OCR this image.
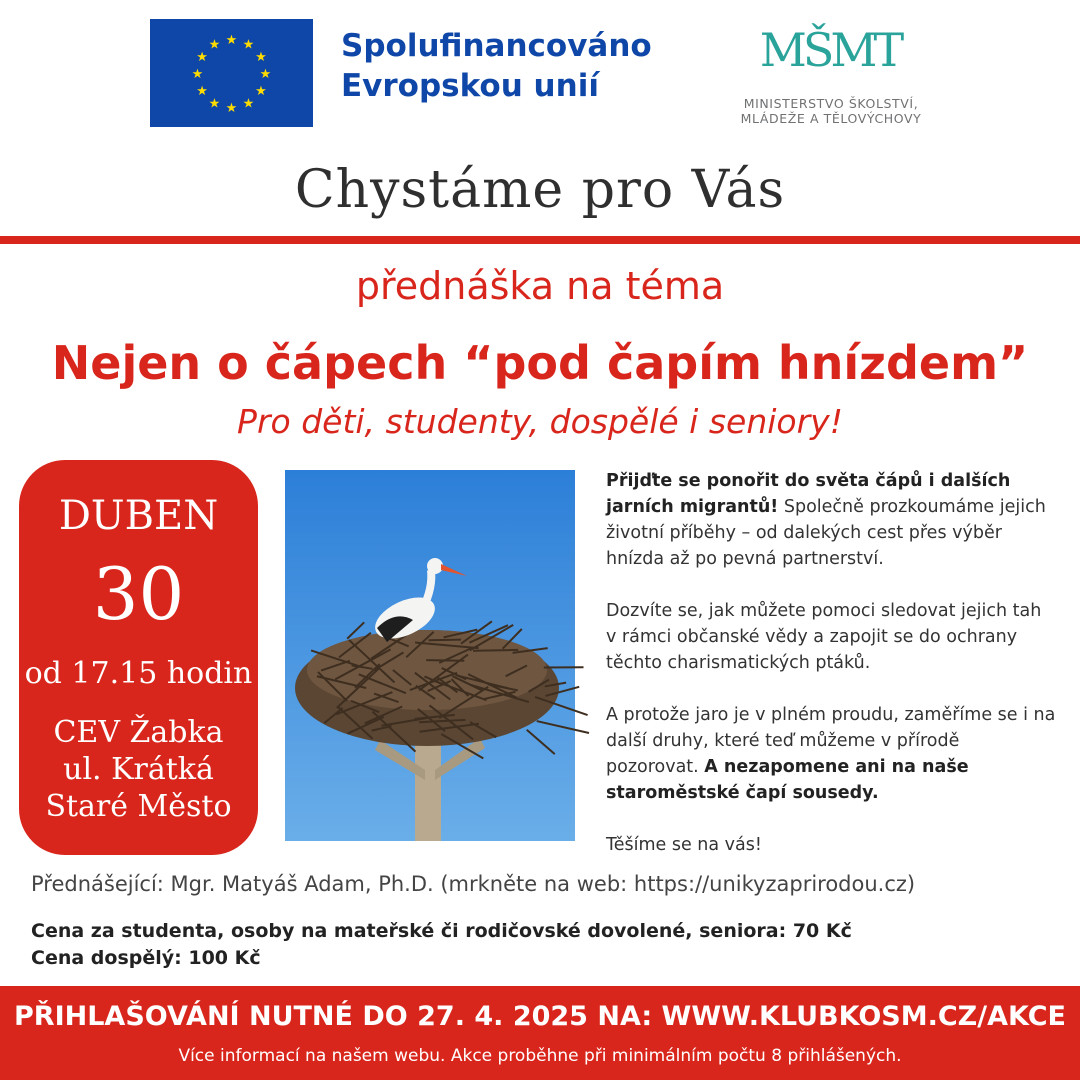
★ ★
★
★
★
★
★
★
★
★
★
★	Spolufinancováno
Evropskou unií
MŠMT
MINISTERSTVO ŠKOLSTVÍ,
MLÁDEŽE A TĚLOVÝCHOVY
Chystáme pro Vás
přednáška na téma
Nejen o čápech “pod čapím hnízdem”
Pro děti, studenty, dospělé i seniory!
DUBEN
30
od 17.15 hodin
CEV Žabka
ul. Krátká
Staré Město

Přijďte se ponořit do světa čápů i dalších jarních migrantů! Společně prozkoumáme jejich životní příběhy – od dalekých cest přes výběr hnízda až po pevná partnerství.

Dozvíte se, jak můžete pomoci sledovat jejich tah v rámci občanské vědy a zapojit se do ochrany těchto charismatických ptáků.

A protože jaro je v plném proudu, zaměříme se i na další druhy, které teď můžeme v přírodě pozorovat. A nezapomene ani na naše staroměstské čapí sousedy.

Těšíme se na vás!

Přednášející: Mgr. Matyáš Adam, Ph.D. (mrkněte na web: https://unikyzaprirodou.cz)
Cena za studenta, osoby na mateřské či rodičovské dovolené, seniora: 70 Kč
Cena dospělý: 100 Kč
PŘIHLAŠOVÁNÍ NUTNÉ DO 27. 4. 2025 NA: WWW.KLUBKOSM.CZ/AKCE
Více informací na našem webu. Akce proběhne při minimálním počtu 8 přihlášených.
